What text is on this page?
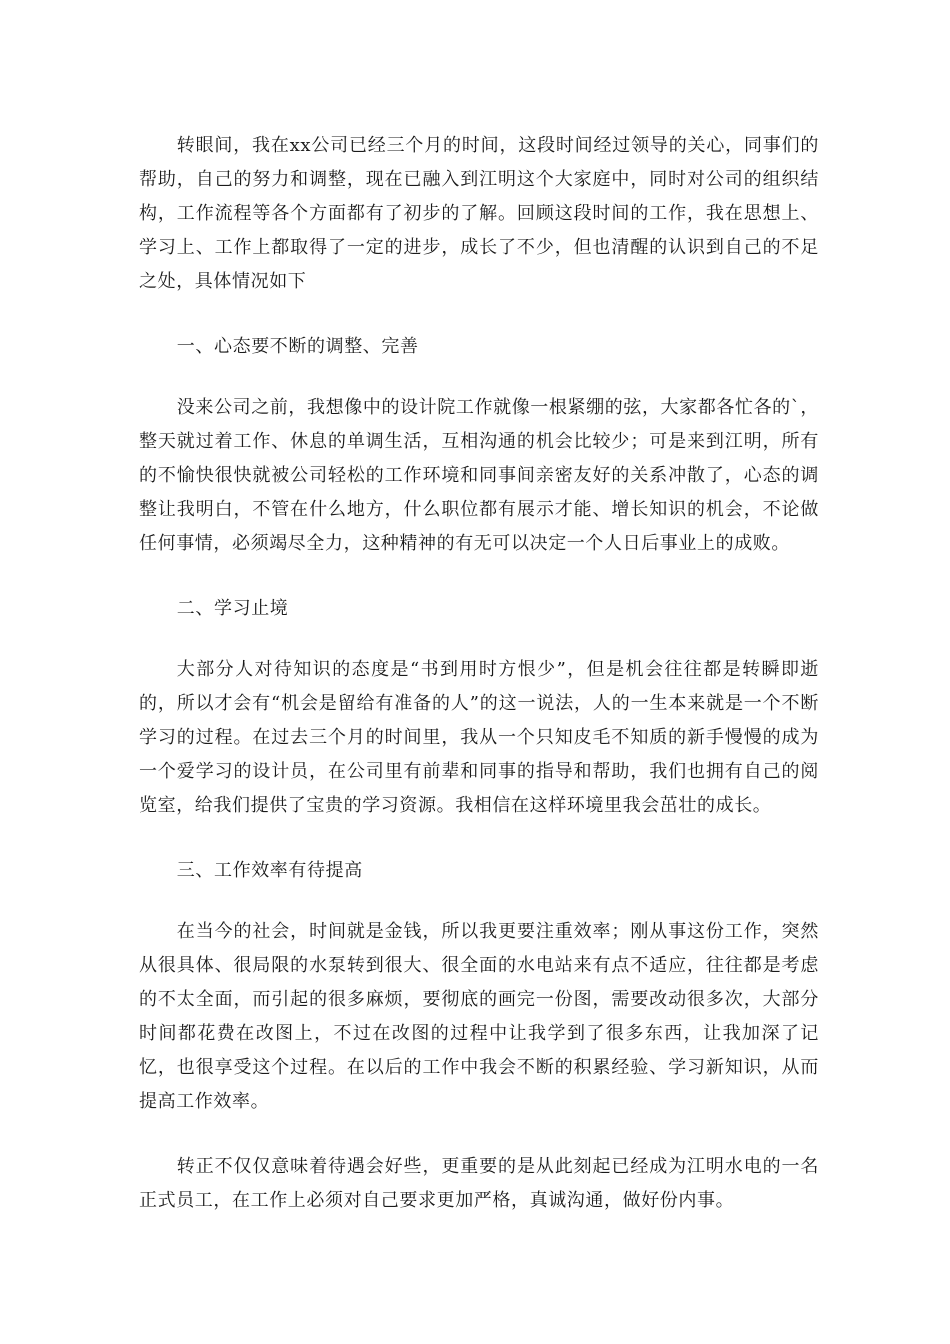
转眼间，我在xx公司已经三个月的时间，这段时间经过领导的关心，同事们的帮助，自己的努力和调整，现在已融入到江明这个大家庭中，同时对公司的组织结构，工作流程等各个方面都有了初步的了解。回顾这段时间的工作，我在思想上、学习上、工作上都取得了一定的进步，成长了不少，但也清醒的认识到自己的不足之处，具体情况如下

一、心态要不断的调整、完善

没来公司之前，我想像中的设计院工作就像一根紧绷的弦，大家都各忙各的`，整天就过着工作、休息的单调生活，互相沟通的机会比较少；可是来到江明，所有的不愉快很快就被公司轻松的工作环境和同事间亲密友好的关系冲散了，心态的调整让我明白，不管在什么地方，什么职位都有展示才能、增长知识的机会，不论做任何事情，必须竭尽全力，这种精神的有无可以决定一个人日后事业上的成败。

二、学习止境

大部分人对待知识的态度是“书到用时方恨少”，但是机会往往都是转瞬即逝的，所以才会有“机会是留给有准备的人”的这一说法，人的一生本来就是一个不断学习的过程。在过去三个月的时间里，我从一个只知皮毛不知质的新手慢慢的成为一个爱学习的设计员，在公司里有前辈和同事的指导和帮助，我们也拥有自己的阅览室，给我们提供了宝贵的学习资源。我相信在这样环境里我会茁壮的成长。

三、工作效率有待提高

在当今的社会，时间就是金钱，所以我更要注重效率；刚从事这份工作，突然从很具体、很局限的水泵转到很大、很全面的水电站来有点不适应，往往都是考虑的不太全面，而引起的很多麻烦，要彻底的画完一份图，需要改动很多次，大部分时间都花费在改图上，不过在改图的过程中让我学到了很多东西，让我加深了记忆，也很享受这个过程。在以后的工作中我会不断的积累经验、学习新知识，从而提高工作效率。

转正不仅仅意味着待遇会好些，更重要的是从此刻起已经成为江明水电的一名正式员工，在工作上必须对自己要求更加严格，真诚沟通，做好份内事。
